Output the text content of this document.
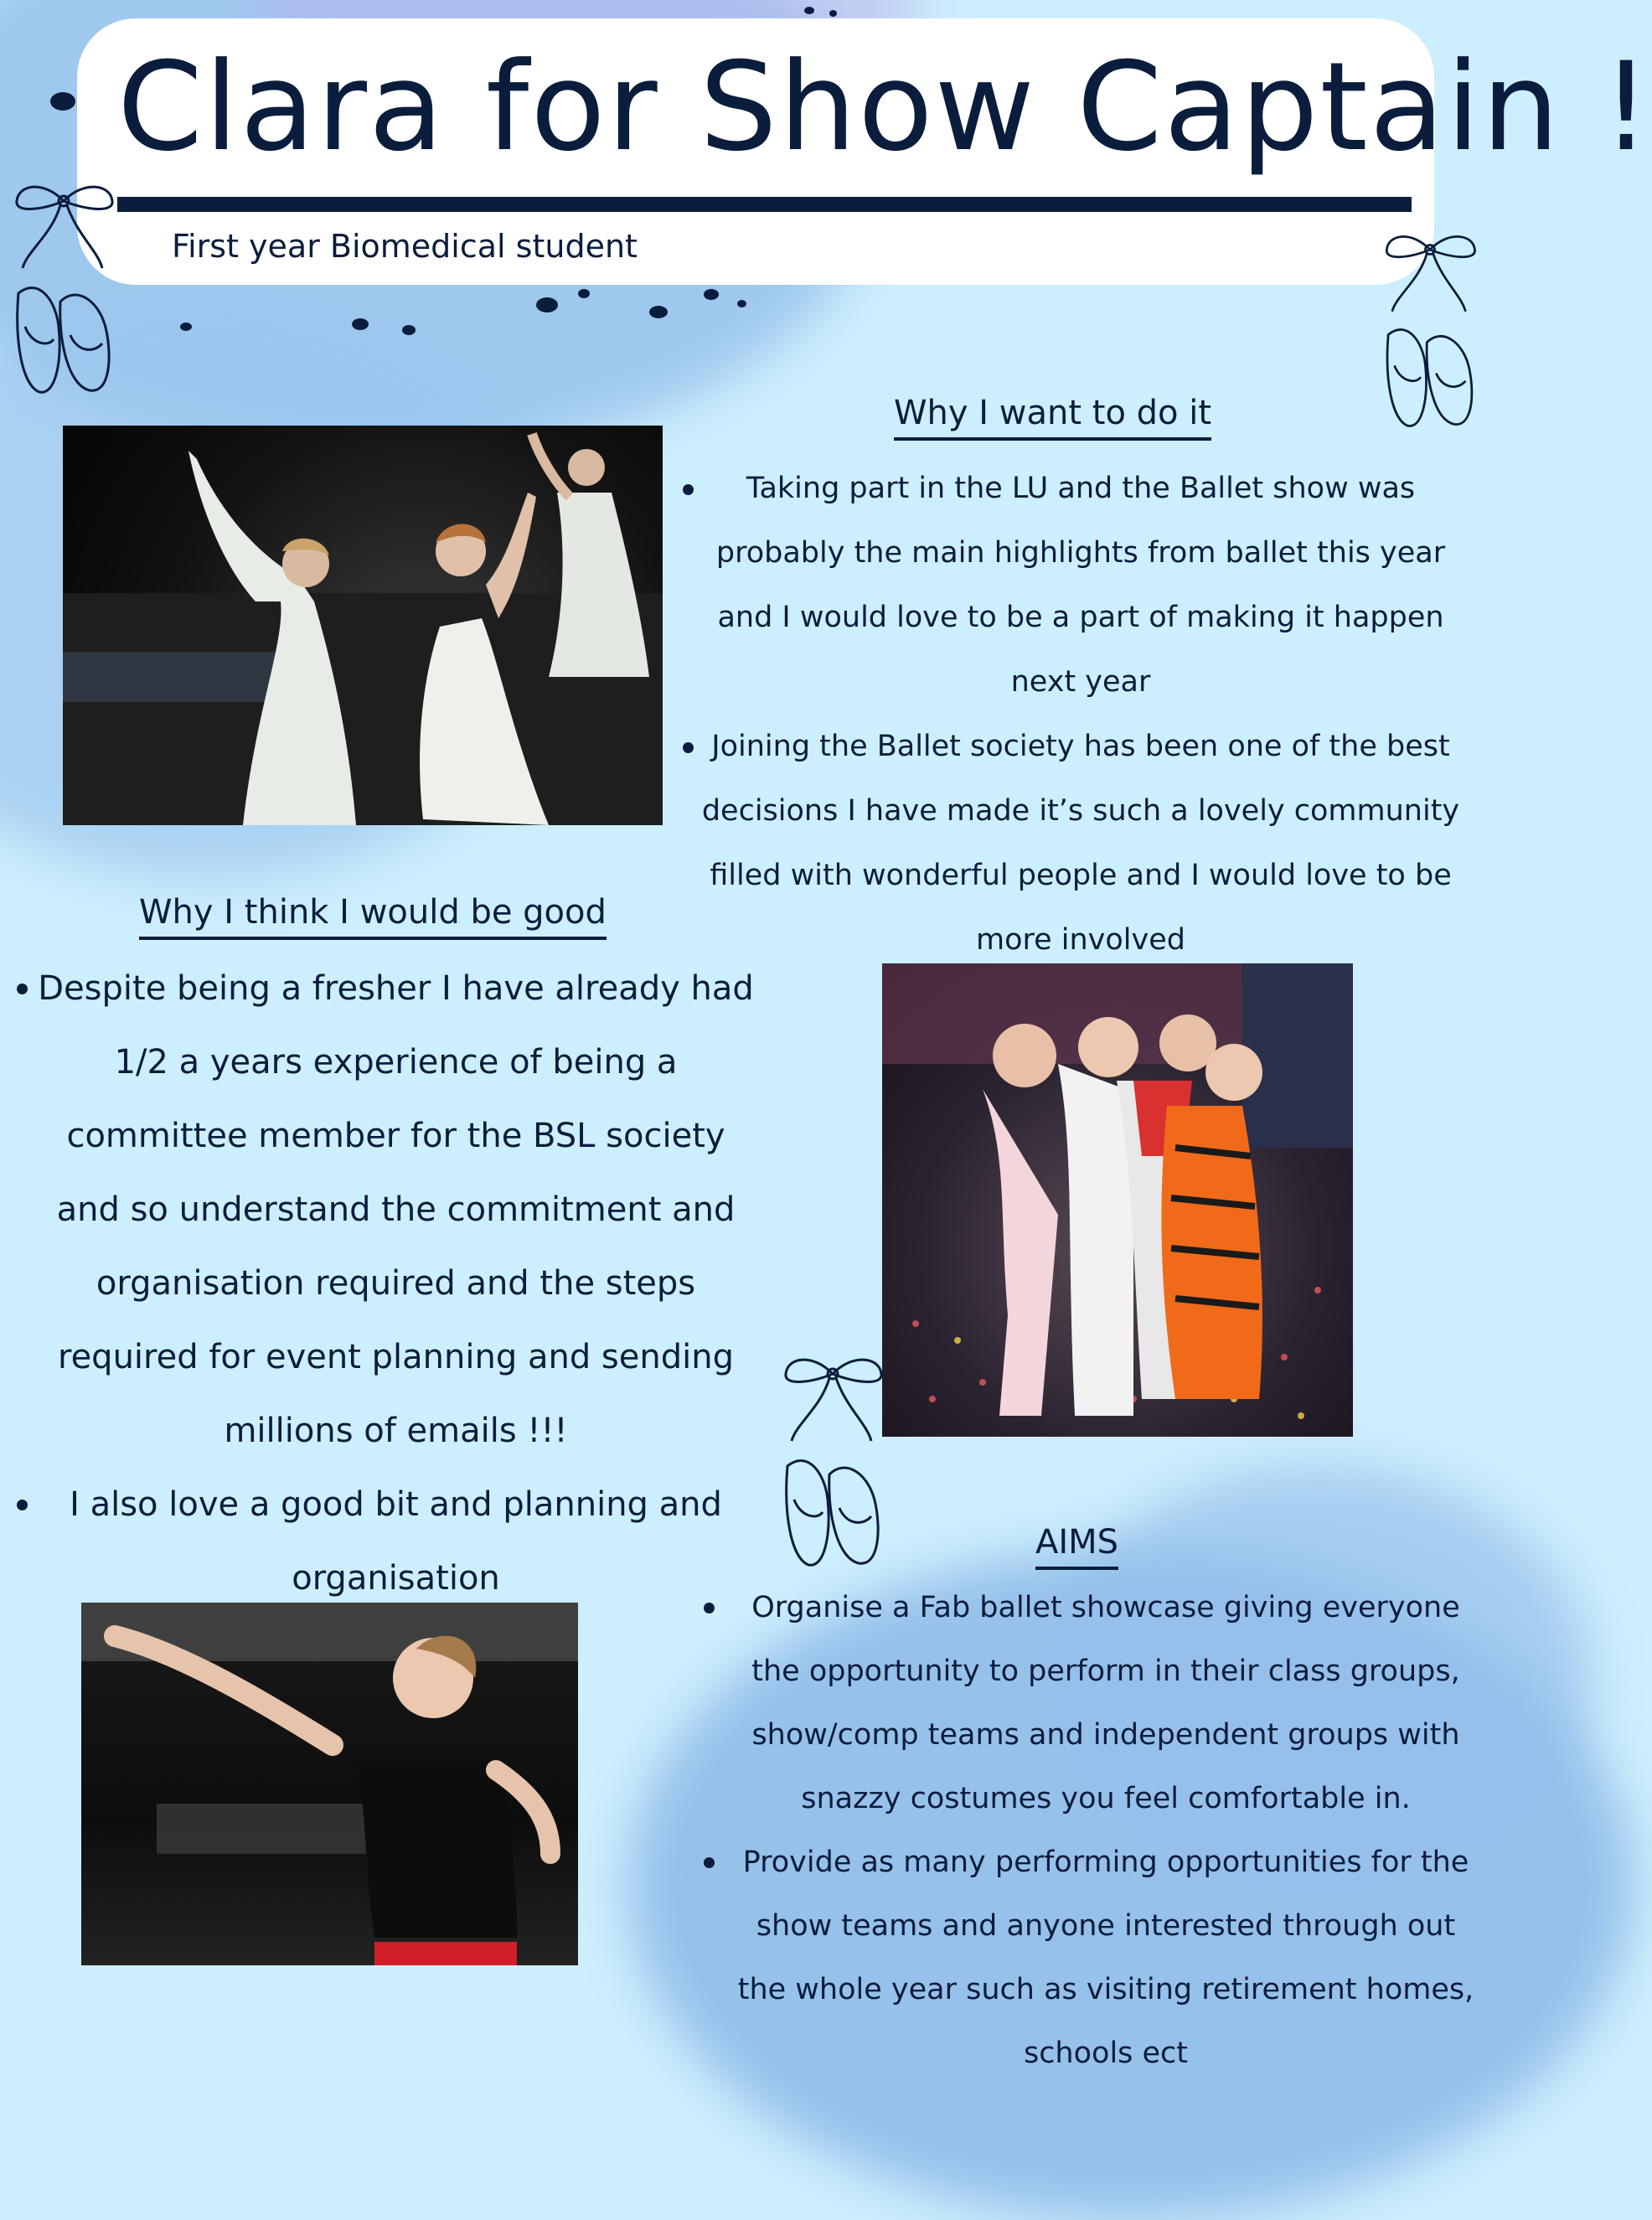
Clara for Show Captain !
First year Biomedical student
Why I want to do it
Taking part in the LU and the Ballet show was probably the main highlights from ballet this year and I would love to be a part of making it happen next year
Joining the Ballet society has been one of the best decisions I have made it’s such a lovely community filled with wonderful people and I would love to be more involved
Why I think I would be good
Despite being a fresher I have already had 1/2 a years experience of being a committee member for the BSL society and so understand the commitment and organisation required and the steps required for event planning and sending millions of emails !!!
I also love a good bit and planning and organisation
AIMS
Organise a Fab ballet showcase giving everyone the opportunity to perform in their class groups, show/comp teams and independent groups with snazzy costumes you feel comfortable in.
Provide as many performing opportunities for the show teams and anyone interested through out the whole year such as visiting retirement homes, schools ect
